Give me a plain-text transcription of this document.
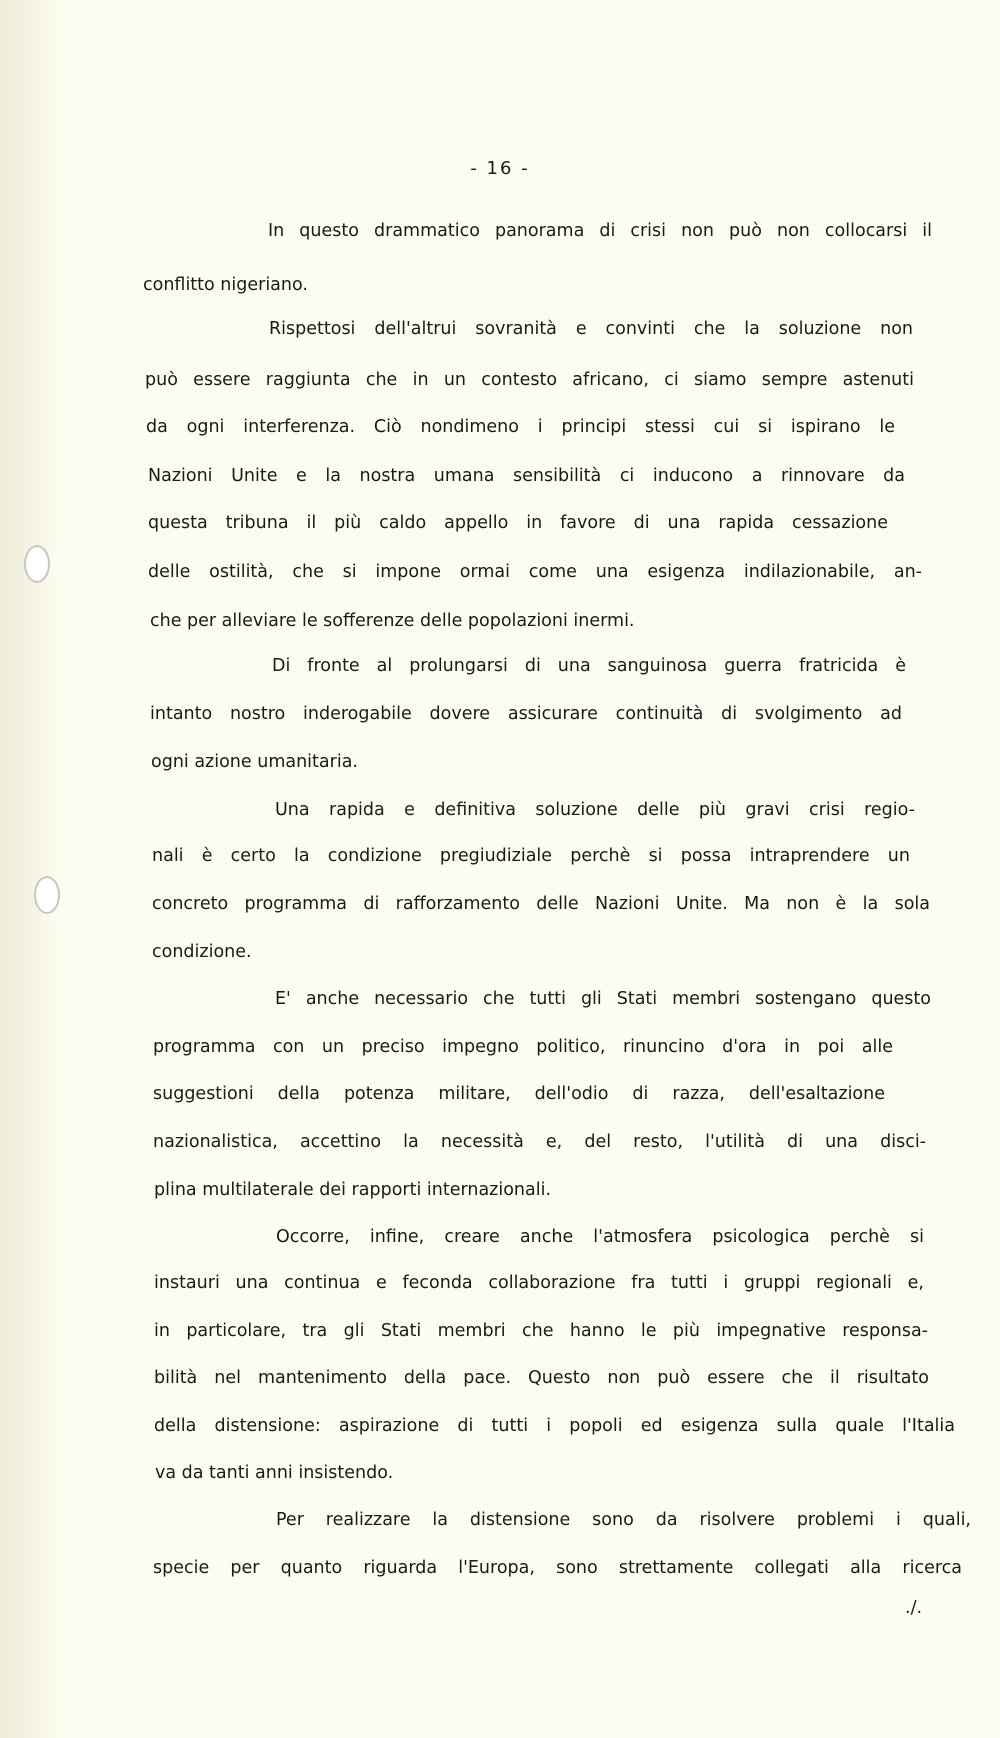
- 16 -
In questo drammatico panorama di crisi non può non collocarsi il
conflitto nigeriano.
Rispettosi dell'altrui sovranità e convinti che la soluzione non
può essere raggiunta che in un contesto africano, ci siamo sempre astenuti
da ogni interferenza. Ciò nondimeno i principi stessi cui si ispirano le
Nazioni Unite e la nostra umana sensibilità ci inducono a rinnovare da
questa tribuna il più caldo appello in favore di una rapida cessazione
delle ostilità, che si impone ormai come una esigenza indilazionabile, an-
che per alleviare le sofferenze delle popolazioni inermi.
Di fronte al prolungarsi di una sanguinosa guerra fratricida è
intanto nostro inderogabile dovere assicurare continuità di svolgimento ad
ogni azione umanitaria.
Una rapida e definitiva soluzione delle più gravi crisi regio-
nali è certo la condizione pregiudiziale perchè si possa intraprendere un
concreto programma di rafforzamento delle Nazioni Unite. Ma non è la sola
condizione.
E' anche necessario che tutti gli Stati membri sostengano questo
programma con un preciso impegno politico, rinuncino d'ora in poi alle
suggestioni della potenza militare, dell'odio di razza, dell'esaltazione
nazionalistica, accettino la necessità e, del resto, l'utilità di una disci-
plina multilaterale dei rapporti internazionali.
Occorre, infine, creare anche l'atmosfera psicologica perchè si
instauri una continua e feconda collaborazione fra tutti i gruppi regionali e,
in particolare, tra gli Stati membri che hanno le più impegnative responsa-
bilità nel mantenimento della pace. Questo non può essere che il risultato
della distensione: aspirazione di tutti i popoli ed esigenza sulla quale l'Italia
va da tanti anni insistendo.
Per realizzare la distensione sono da risolvere problemi i quali,
specie per quanto riguarda l'Europa, sono strettamente collegati alla ricerca
./.
